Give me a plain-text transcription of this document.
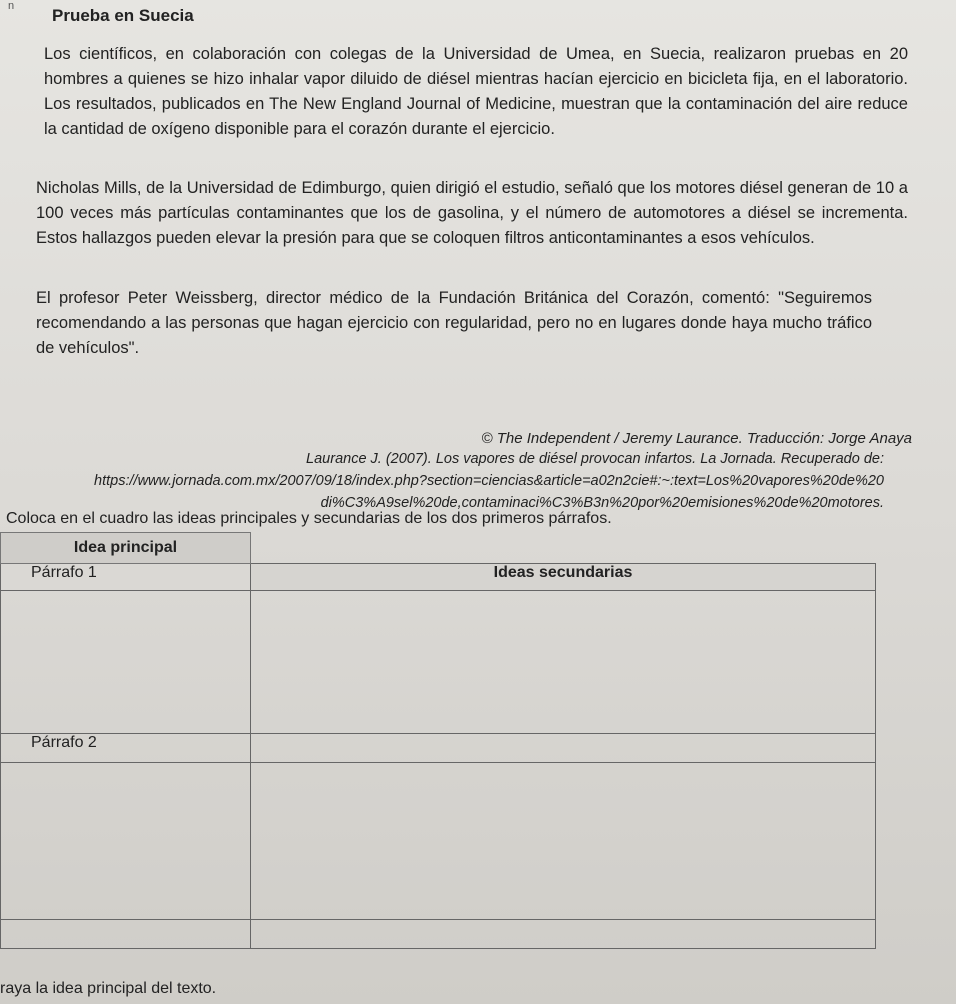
n Prueba en Suecia

Los científicos, en colaboración con colegas de la Universidad de Umea, en Suecia, realizaron pruebas en 20 hombres a quienes se hizo inhalar vapor diluido de diésel mientras hacían ejercicio en bicicleta fija, en el laboratorio. Los resultados, publicados en The New England Journal of Medicine, muestran que la contaminación del aire reduce la cantidad de oxígeno disponible para el corazón durante el ejercicio.

Nicholas Mills, de la Universidad de Edimburgo, quien dirigió el estudio, señaló que los motores diésel generan de 10 a 100 veces más partículas contaminantes que los de gasolina, y el número de automotores a diésel se incrementa. Estos hallazgos pueden elevar la presión para que se coloquen filtros anticontaminantes a esos vehículos.

El profesor Peter Weissberg, director médico de la Fundación Británica del Corazón, comentó: "Seguiremos recomendando a las personas que hagan ejercicio con regularidad, pero no en lugares donde haya mucho tráfico de vehículos".

© The Independent / Jeremy Laurance. Traducción: Jorge Anaya

Laurance J. (2007). Los vapores de diésel provocan infartos. La Jornada. Recuperado de: https://www.jornada.com.mx/2007/09/18/index.php?section=ciencias&article=a02n2cie#:~:text=Los%20vapores%20de%20 di%C3%A9sel%20de,contaminaci%C3%B3n%20por%20emisiones%20de%20motores.

Coloca en el cuadro las ideas principales y secundarias de los dos primeros párrafos.

Idea principal	
Párrafo 1	Ideas secundarias

Párrafo 2	

raya la idea principal del texto.
